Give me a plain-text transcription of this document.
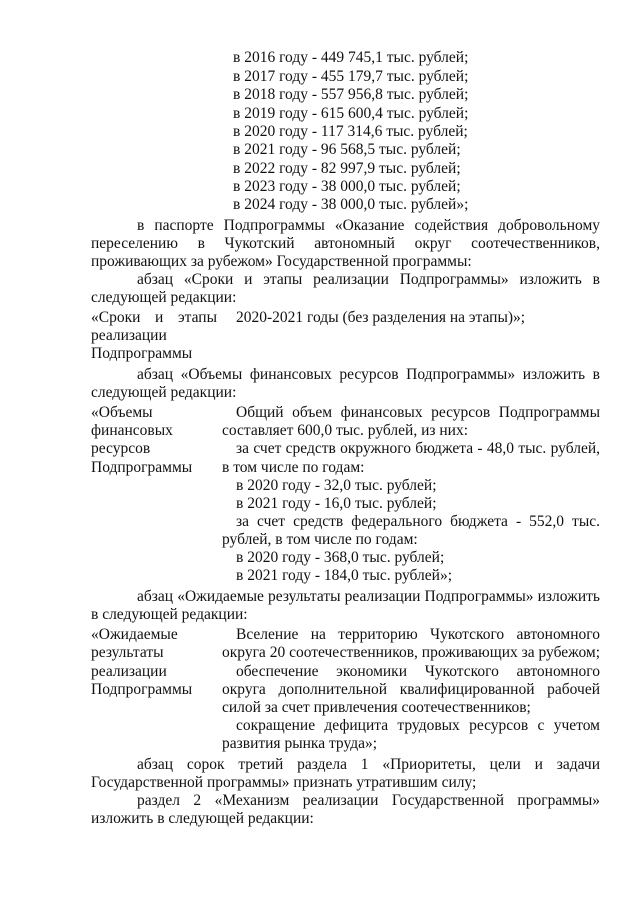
в 2016 году - 449 745,1 тыс. рублей;
в 2017 году - 455 179,7 тыс. рублей;
в 2018 году - 557 956,8 тыс. рублей;
в 2019 году - 615 600,4 тыс. рублей;
в 2020 году - 117 314,6 тыс. рублей;
в 2021 году - 96 568,5 тыс. рублей;
в 2022 году - 82 997,9 тыс. рублей;
в 2023 году - 38 000,0 тыс. рублей;
в 2024 году - 38 000,0 тыс. рублей»;
в паспорте Подпрограммы «Оказание содействия добровольному
переселению в Чукотский автономный округ соотечественников,
проживающих за рубежом» Государственной программы:
абзац «Сроки и этапы реализации Подпрограммы» изложить в
следующей редакции:
«Сроки и этапы
реализации
Подпрограммы
2020-2021 годы (без разделения на этапы)»;
абзац «Объемы финансовых ресурсов Подпрограммы» изложить в
следующей редакции:
«Объемы
финансовых
ресурсов
Подпрограммы
Общий объем финансовых ресурсов Подпрограммы
составляет 600,0 тыс. рублей, из них:
за счет средств окружного бюджета - 48,0 тыс. рублей,
в том числе по годам:
в 2020 году - 32,0 тыс. рублей;
в 2021 году - 16,0 тыс. рублей;
за счет средств федерального бюджета - 552,0 тыс.
рублей, в том числе по годам:
в 2020 году - 368,0 тыс. рублей;
в 2021 году - 184,0 тыс. рублей»;
абзац «Ожидаемые результаты реализации Подпрограммы» изложить
в следующей редакции:
«Ожидаемые
результаты
реализации
Подпрограммы
Вселение на территорию Чукотского автономного
округа 20 соотечественников, проживающих за рубежом;
обеспечение экономики Чукотского автономного
округа дополнительной квалифицированной рабочей
силой за счет привлечения соотечественников;
сокращение дефицита трудовых ресурсов с учетом
развития рынка труда»;
абзац сорок третий раздела 1 «Приоритеты, цели и задачи
Государственной программы» признать утратившим силу;
раздел 2 «Механизм реализации Государственной программы»
изложить в следующей редакции:
